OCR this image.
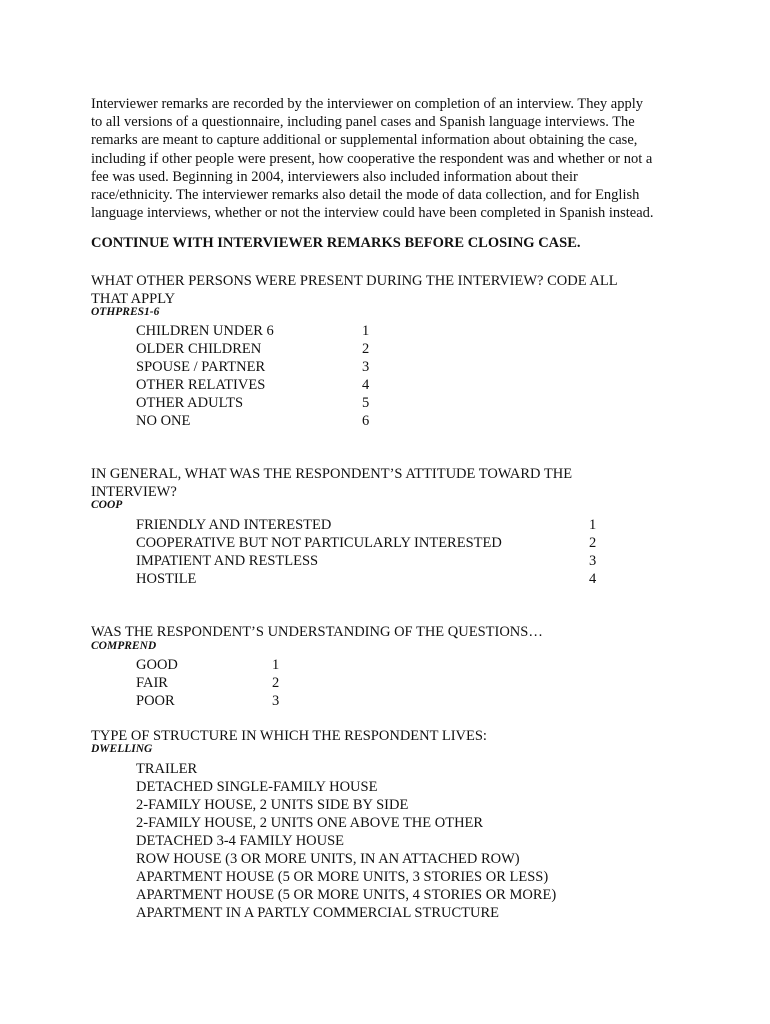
Interviewer remarks are recorded by the interviewer on completion of an interview. They apply
to all versions of a questionnaire, including panel cases and Spanish language interviews. The
remarks are meant to capture additional or supplemental information about obtaining the case,
including if other people were present, how cooperative the respondent was and whether or not a
fee was used. Beginning in 2004, interviewers also included information about their
race/ethnicity. The interviewer remarks also detail the mode of data collection, and for English
language interviews, whether or not the interview could have been completed in Spanish instead.

CONTINUE WITH INTERVIEWER REMARKS BEFORE CLOSING CASE.

WHAT OTHER PERSONS WERE PRESENT DURING THE INTERVIEW? CODE ALL
THAT APPLY

OTHPRES1-6

CHILDREN UNDER 6	1
OLDER CHILDREN	2
SPOUSE / PARTNER	3
OTHER RELATIVES	4
OTHER ADULTS	5
NO ONE	6

IN GENERAL, WHAT WAS THE RESPONDENT’S ATTITUDE TOWARD THE
INTERVIEW?

COOP

FRIENDLY AND INTERESTED	1
COOPERATIVE BUT NOT PARTICULARLY INTERESTED	2
IMPATIENT AND RESTLESS	3
HOSTILE	4

WAS THE RESPONDENT’S UNDERSTANDING OF THE QUESTIONS…

COMPREND

GOOD	1
FAIR	2
POOR	3

TYPE OF STRUCTURE IN WHICH THE RESPONDENT LIVES:

DWELLING

TRAILER
DETACHED SINGLE-FAMILY HOUSE
2-FAMILY HOUSE, 2 UNITS SIDE BY SIDE
2-FAMILY HOUSE, 2 UNITS ONE ABOVE THE OTHER
DETACHED 3-4 FAMILY HOUSE
ROW HOUSE (3 OR MORE UNITS, IN AN ATTACHED ROW)
APARTMENT HOUSE (5 OR MORE UNITS, 3 STORIES OR LESS)
APARTMENT HOUSE (5 OR MORE UNITS, 4 STORIES OR MORE)
APARTMENT IN A PARTLY COMMERCIAL STRUCTURE
